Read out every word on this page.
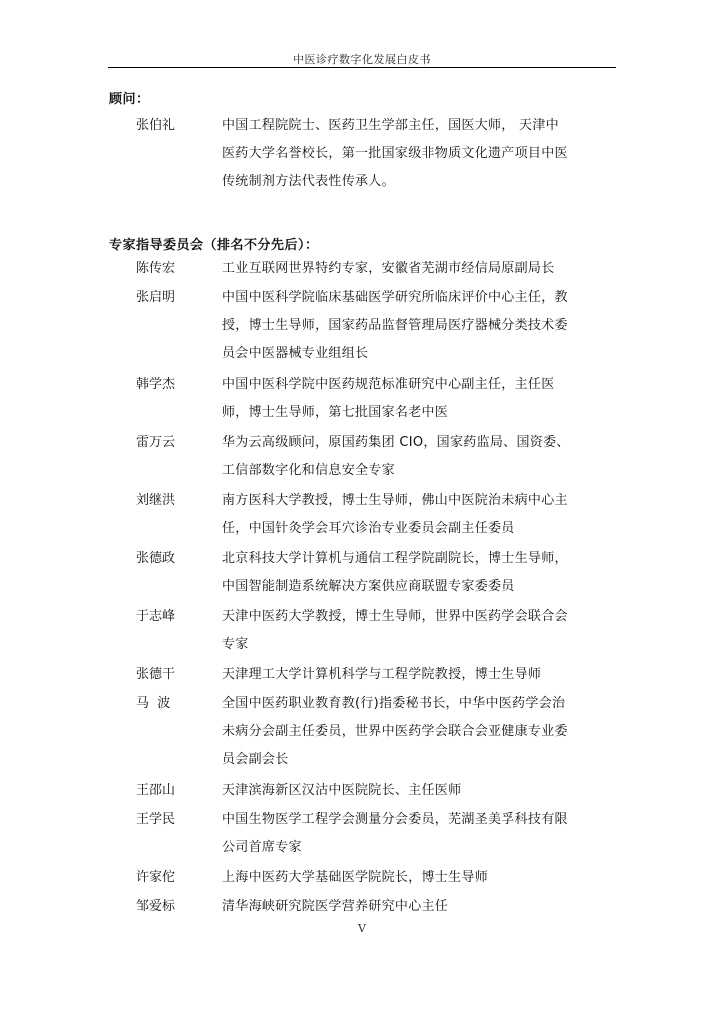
中医诊疗数字化发展白皮书
顾问：
张伯礼	中国工程院院士、医药卫生学部主任，国医大师， 天津中
医药大学名誉校长，第一批国家级非物质文化遗产项目中医
传统制剂方法代表性传承人。
专家指导委员会（排名不分先后）：
陈传宏	工业互联网世界特约专家，安徽省芜湖市经信局原副局长
张启明	中国中医科学院临床基础医学研究所临床评价中心主任，教
授，博士生导师，国家药品监督管理局医疗器械分类技术委
员会中医器械专业组组长
韩学杰	中国中医科学院中医药规范标准研究中心副主任，主任医
师，博士生导师，第七批国家名老中医
雷万云	华为云高级顾问，原国药集团 CIO，国家药监局、国资委、
工信部数字化和信息安全专家
刘继洪	南方医科大学教授，博士生导师，佛山中医院治未病中心主
任，中国针灸学会耳穴诊治专业委员会副主任委员
张德政	北京科技大学计算机与通信工程学院副院长，博士生导师，
中国智能制造系统解决方案供应商联盟专家委委员
于志峰	天津中医药大学教授，博士生导师，世界中医药学会联合会
专家
张德干	天津理工大学计算机科学与工程学院教授，博士生导师
马  波	全国中医药职业教育教(行)指委秘书长，中华中医药学会治
未病分会副主任委员，世界中医药学会联合会亚健康专业委
员会副会长
王邵山	天津滨海新区汉沽中医院院长、主任医师
王学民	中国生物医学工程学会测量分会委员，芜湖圣美孚科技有限
公司首席专家
许家佗	上海中医药大学基础医学院院长，博士生导师
邹爱标	清华海峡研究院医学营养研究中心主任
V
